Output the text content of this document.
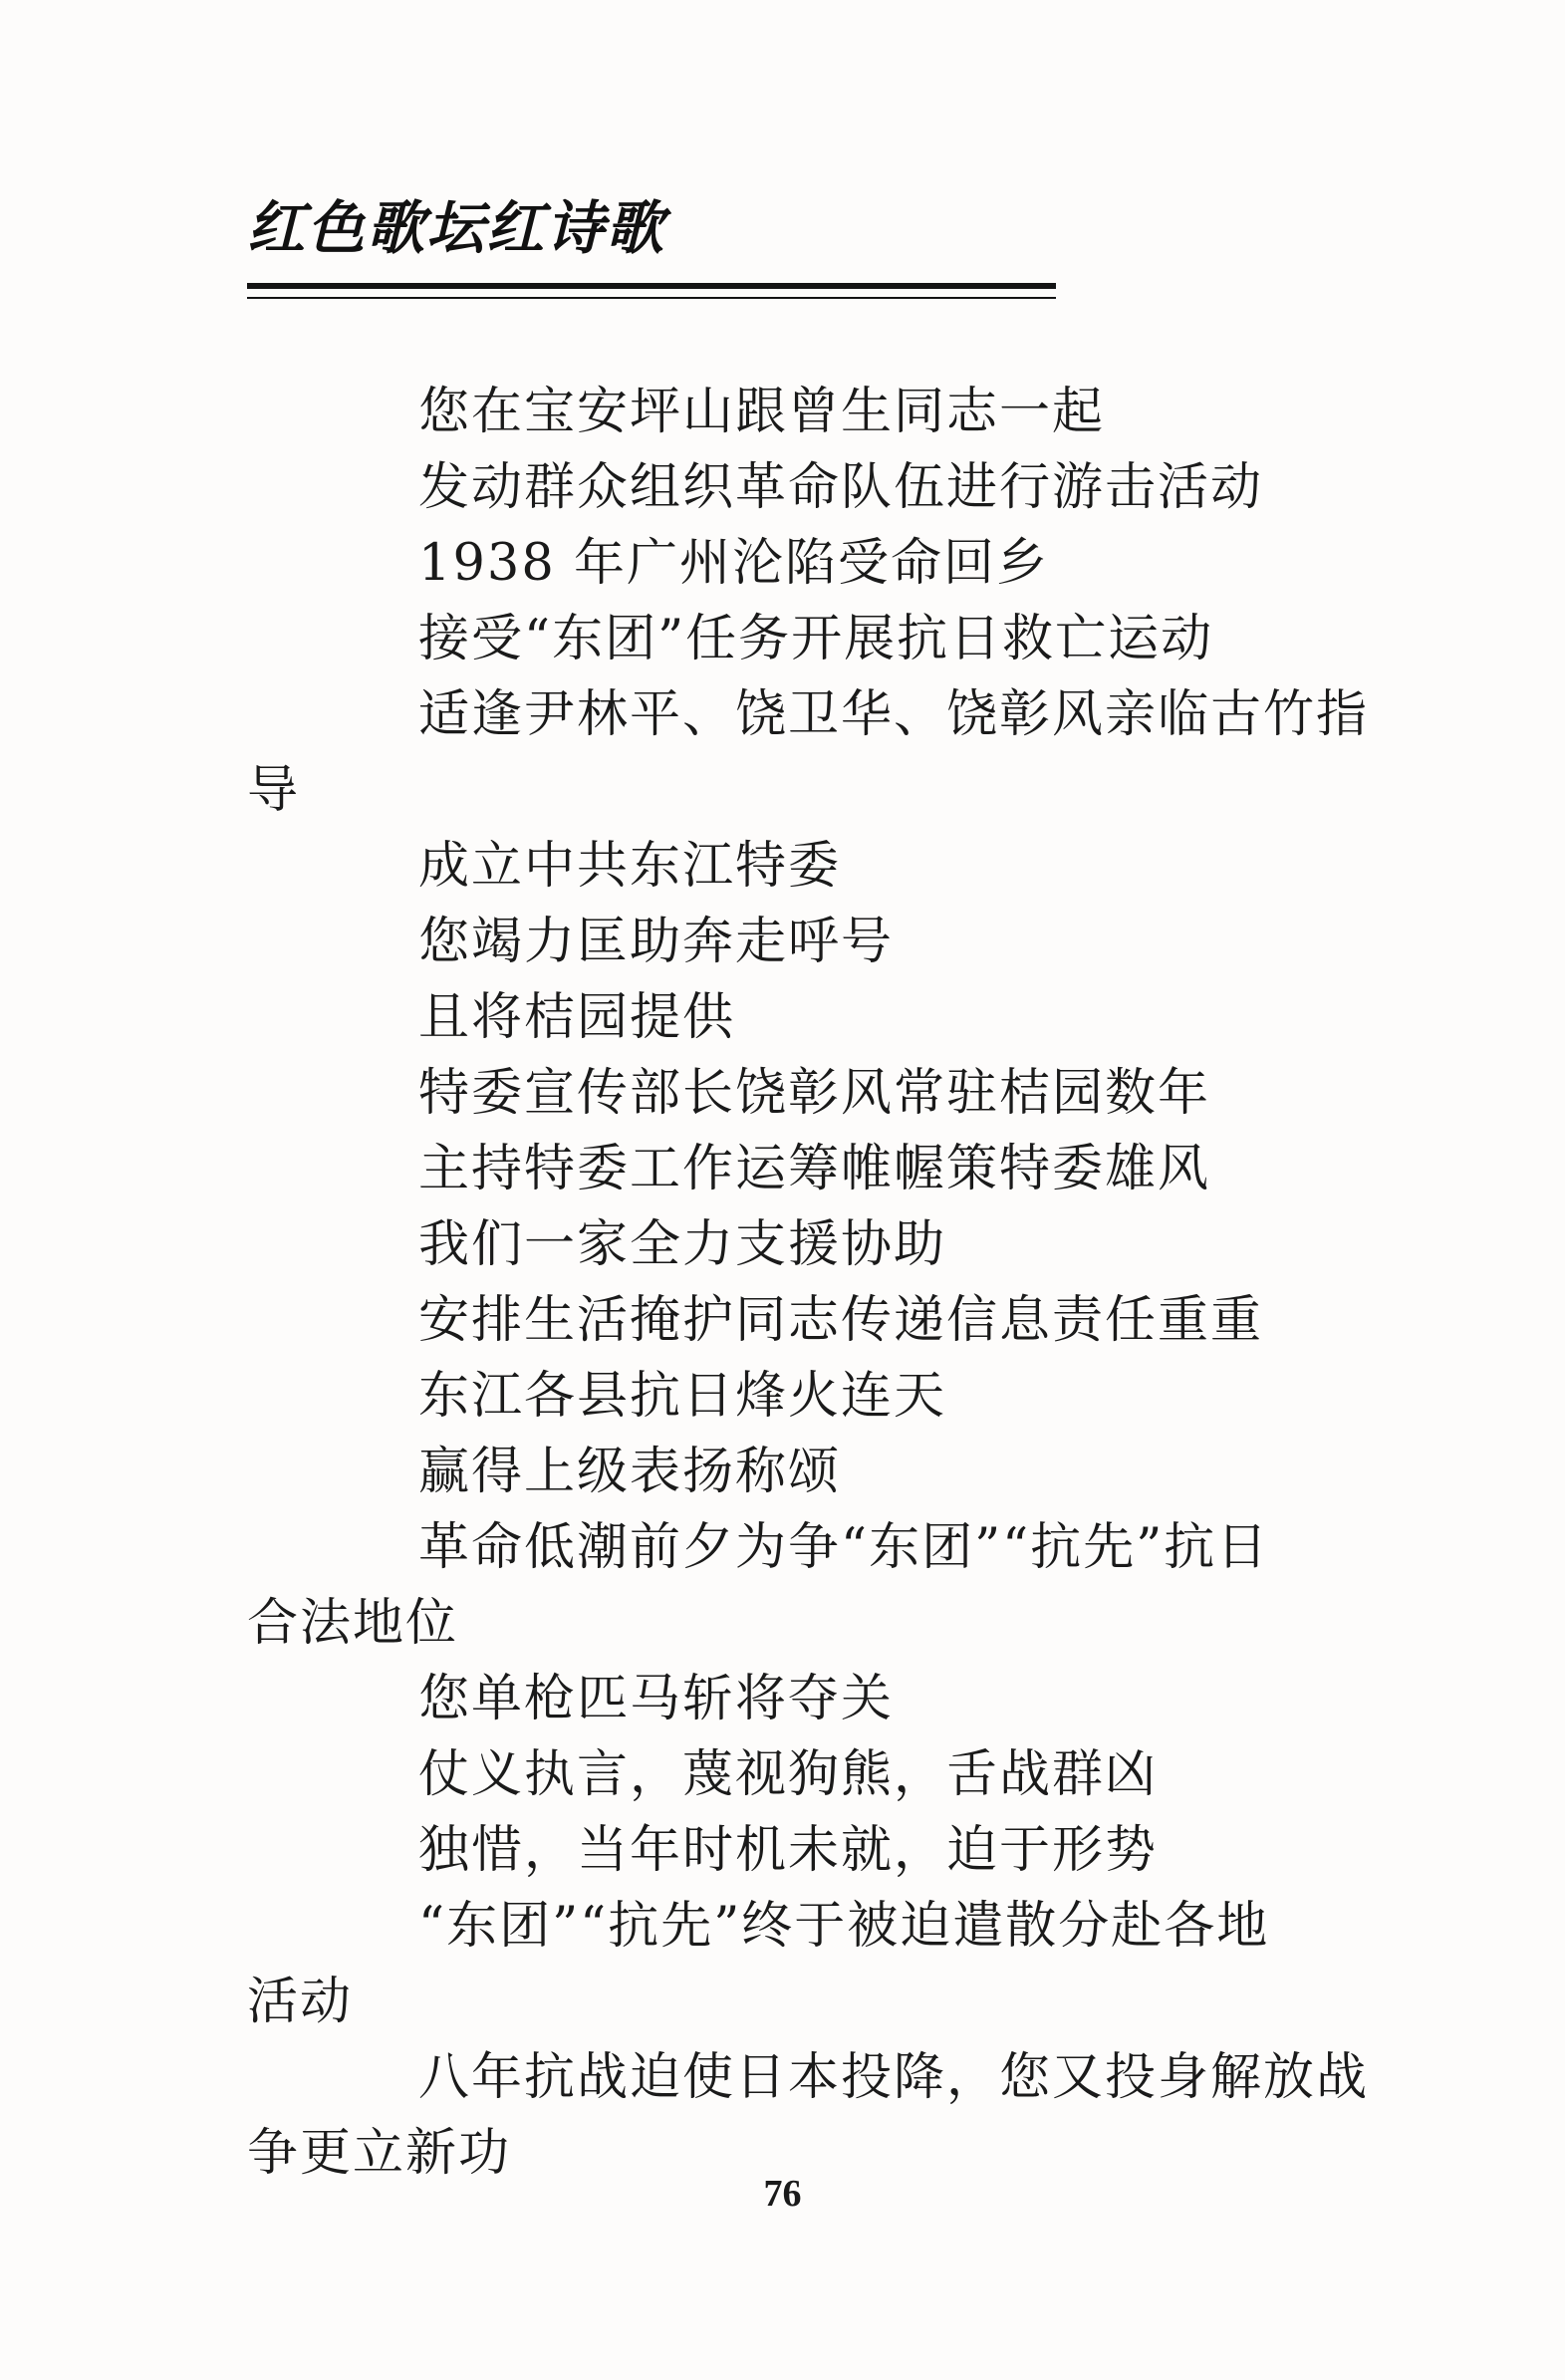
红色歌坛红诗歌
您在宝安坪山跟曾生同志一起
发动群众组织革命队伍进行游击活动
1938 年广州沦陷受命回乡
接受“东团”任务开展抗日救亡运动
适逢尹林平、饶卫华、饶彰风亲临古竹指
导
成立中共东江特委
您竭力匡助奔走呼号
且将桔园提供
特委宣传部长饶彰风常驻桔园数年
主持特委工作运筹帷幄策特委雄风
我们一家全力支援协助
安排生活掩护同志传递信息责任重重
东江各县抗日烽火连天
赢得上级表扬称颂
革命低潮前夕为争“东团”“抗先”抗日
合法地位
您单枪匹马斩将夺关
仗义执言，蔑视狗熊，舌战群凶
独惜，当年时机未就，迫于形势
“东团”“抗先”终于被迫遣散分赴各地
活动
八年抗战迫使日本投降，您又投身解放战
争更立新功
76
